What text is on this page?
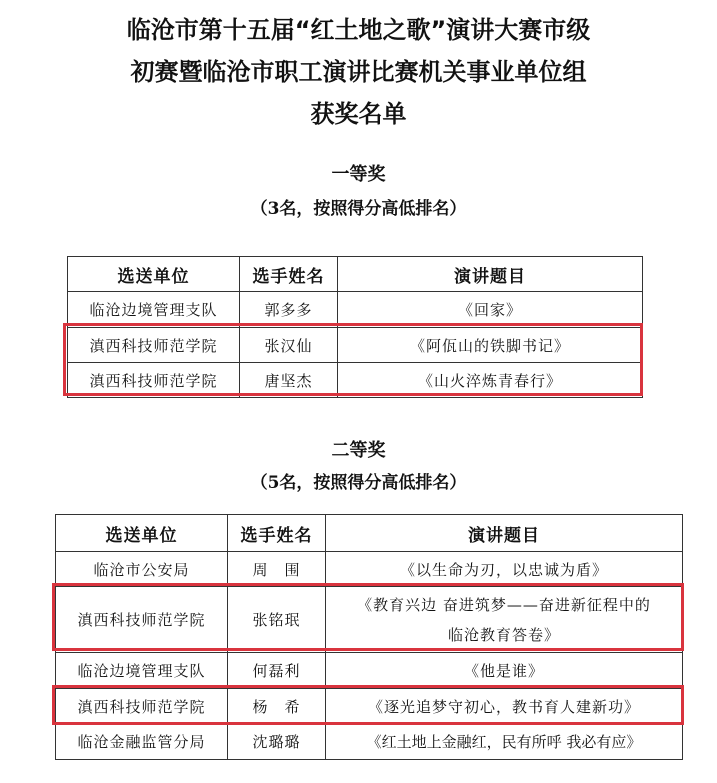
临沧市第十五届“红土地之歌”演讲大赛市级
初赛暨临沧市职工演讲比赛机关事业单位组
获奖名单
一等奖
（3名，按照得分高低排名）
选送单位	选手姓名	演讲题目
临沧边境管理支队	郭多多	《回家》
滇西科技师范学院	张汉仙	《阿佤山的铁脚书记》
滇西科技师范学院	唐坚杰	《山火淬炼青春行》
二等奖
（5名，按照得分高低排名）
选送单位	选手姓名	演讲题目
临沧市公安局	周　围	《以生命为刃，以忠诚为盾》
滇西科技师范学院	张铭珉	《教育兴边 奋进筑梦——奋进新征程中的
临沧教育答卷》

临沧边境管理支队	何磊利	《他是谁》
滇西科技师范学院	杨　希	《逐光追梦守初心，教书育人建新功》
临沧金融监管分局	沈璐璐	《红土地上金融红，民有所呼 我必有应》
